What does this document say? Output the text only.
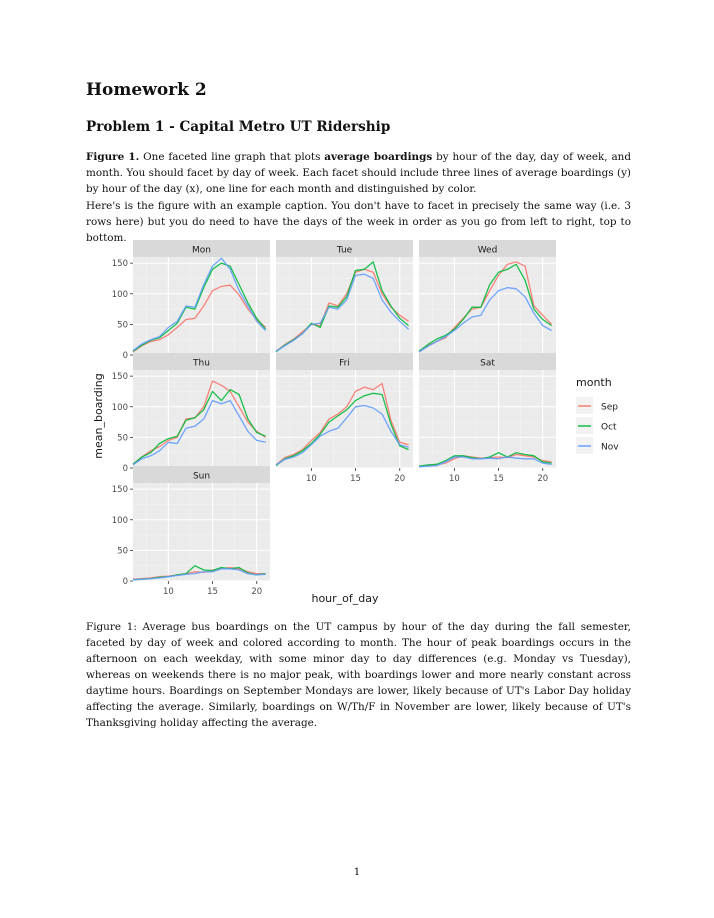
Homework 2
Problem 1 - Capital Metro UT Ridership

Figure 1. One faceted line graph that plots average boardings by hour of the day, day of week, and month. You should facet by day of week. Each facet should include three lines of average boardings (y) by hour of the day (x), one line for each month and distinguished by color.

Here's is the figure with an example caption. You don't have to facet in precisely the same way (i.e. 3 rows here) but you do need to have the days of the week in order as you go from left to right, top to bottom.

Mon
0
50
100
150
Tue	Wed
Thu
0
50
100
150
Fri
10	15	20
Sat
10	15	20
Sun
0
50
100
150
10	15	20	hour_of_day
mean_boarding	month
Sep
Oct
Nov

Figure 1: Average bus boardings on the UT campus by hour of the day during the fall semester, faceted by day of week and colored according to month. The hour of peak boardings occurs in the afternoon on each weekday, with some minor day to day differences (e.g. Monday vs Tuesday), whereas on weekends there is no major peak, with boardings lower and more nearly constant across daytime hours. Boardings on September Mondays are lower, likely because of UT's Labor Day holiday affecting the average. Similarly, boardings on W/Th/F in November are lower, likely because of UT's Thanksgiving holiday affecting the average.

1
